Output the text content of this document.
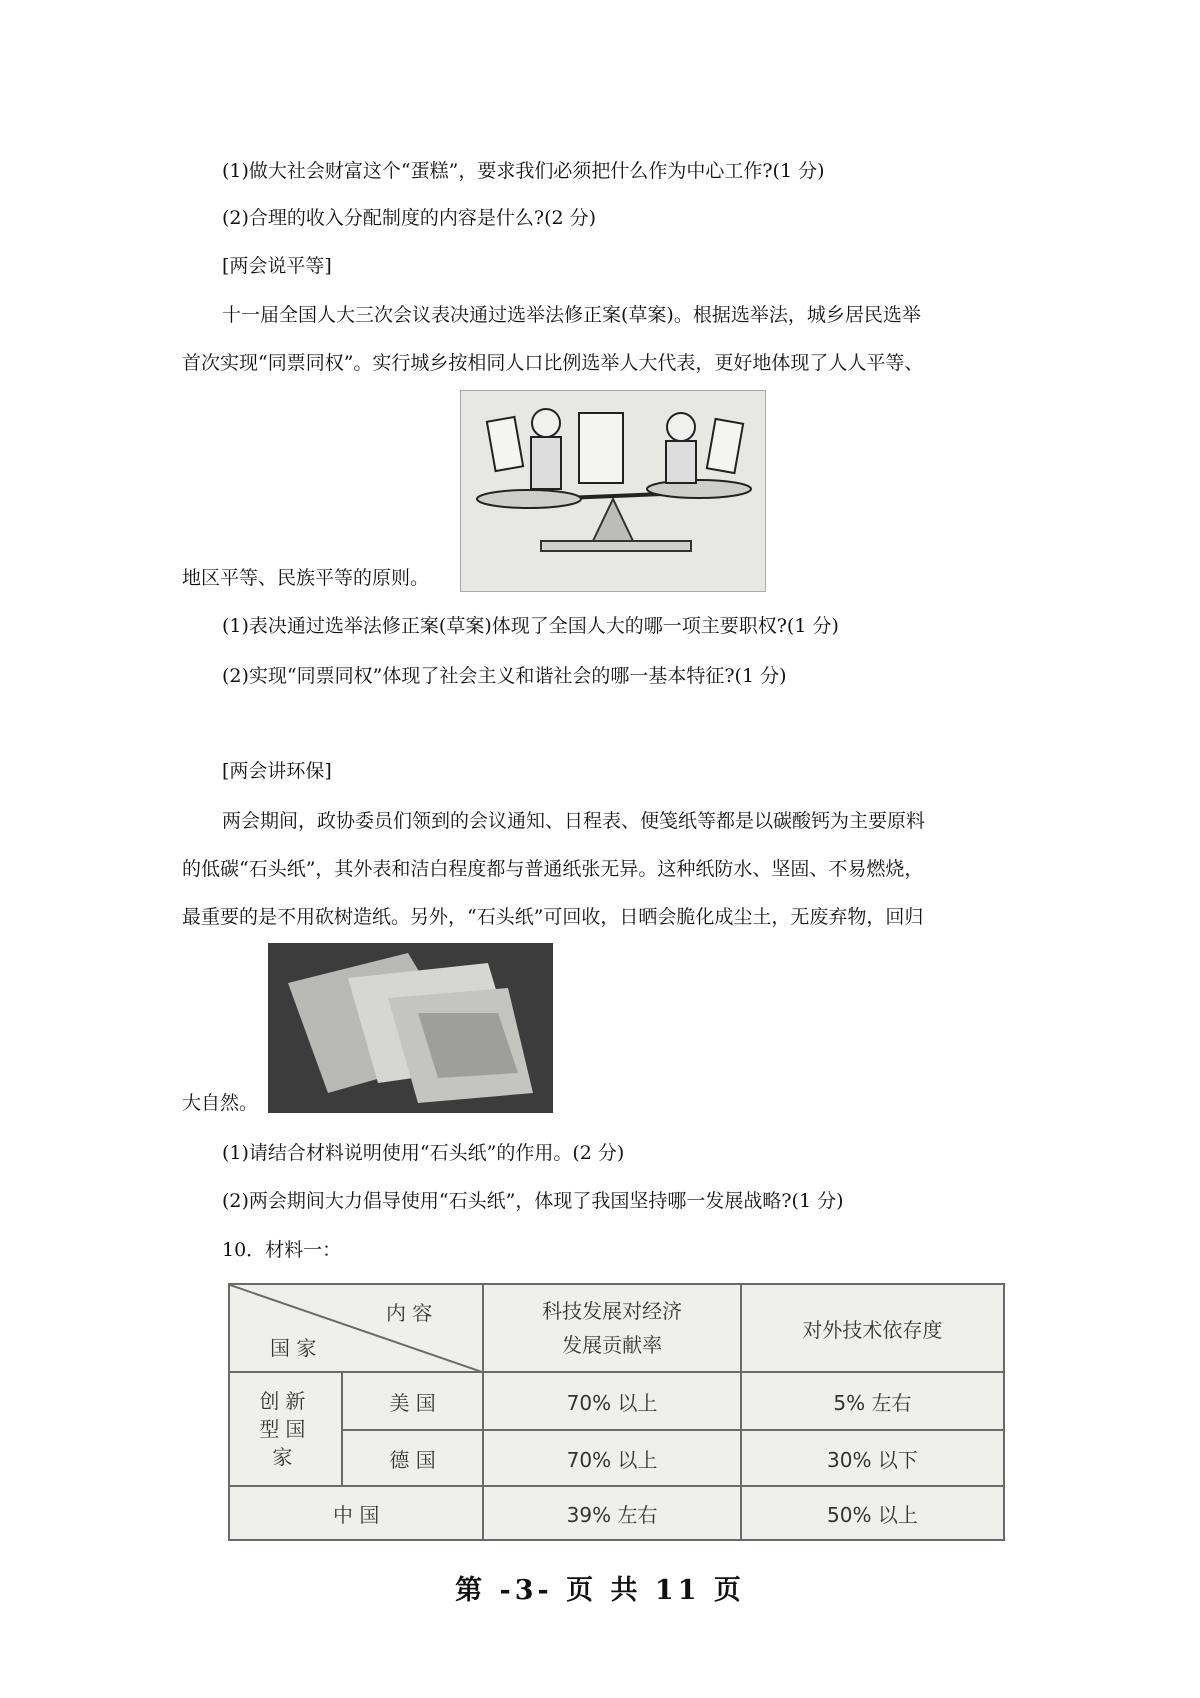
(1)做大社会财富这个“蛋糕”，要求我们必须把什么作为中心工作?(1 分)
(2)合理的收入分配制度的内容是什么?(2 分)
[两会说平等]
十一届全国人大三次会议表决通过选举法修正案(草案)。根据选举法，城乡居民选举
首次实现“同票同权”。实行城乡按相同人口比例选举人大代表，更好地体现了人人平等、
地区平等、民族平等的原则。
(1)表决通过选举法修正案(草案)体现了全国人大的哪一项主要职权?(1 分)
(2)实现“同票同权”体现了社会主义和谐社会的哪一基本特征?(1 分)
[两会讲环保]
两会期间，政协委员们领到的会议通知、日程表、便笺纸等都是以碳酸钙为主要原料
的低碳“石头纸”，其外表和洁白程度都与普通纸张无异。这种纸防水、坚固、不易燃烧，
最重要的是不用砍树造纸。另外，“石头纸”可回收，日晒会脆化成尘土，无废弃物，回归
大自然。
(1)请结合材料说明使用“石头纸”的作用。(2 分)
(2)两会期间大力倡导使用“石头纸”，体现了我国坚持哪一发展战略?(1 分)
10．材料一：
内 容
国 家		科技发展对经济发展贡献率	对外技术依存度

创新型国家	美 国	70% 以上	5% 左右
	德 国	70% 以上	30% 以下
中 国		39% 左右	50% 以上
第 -3- 页 共 11 页
